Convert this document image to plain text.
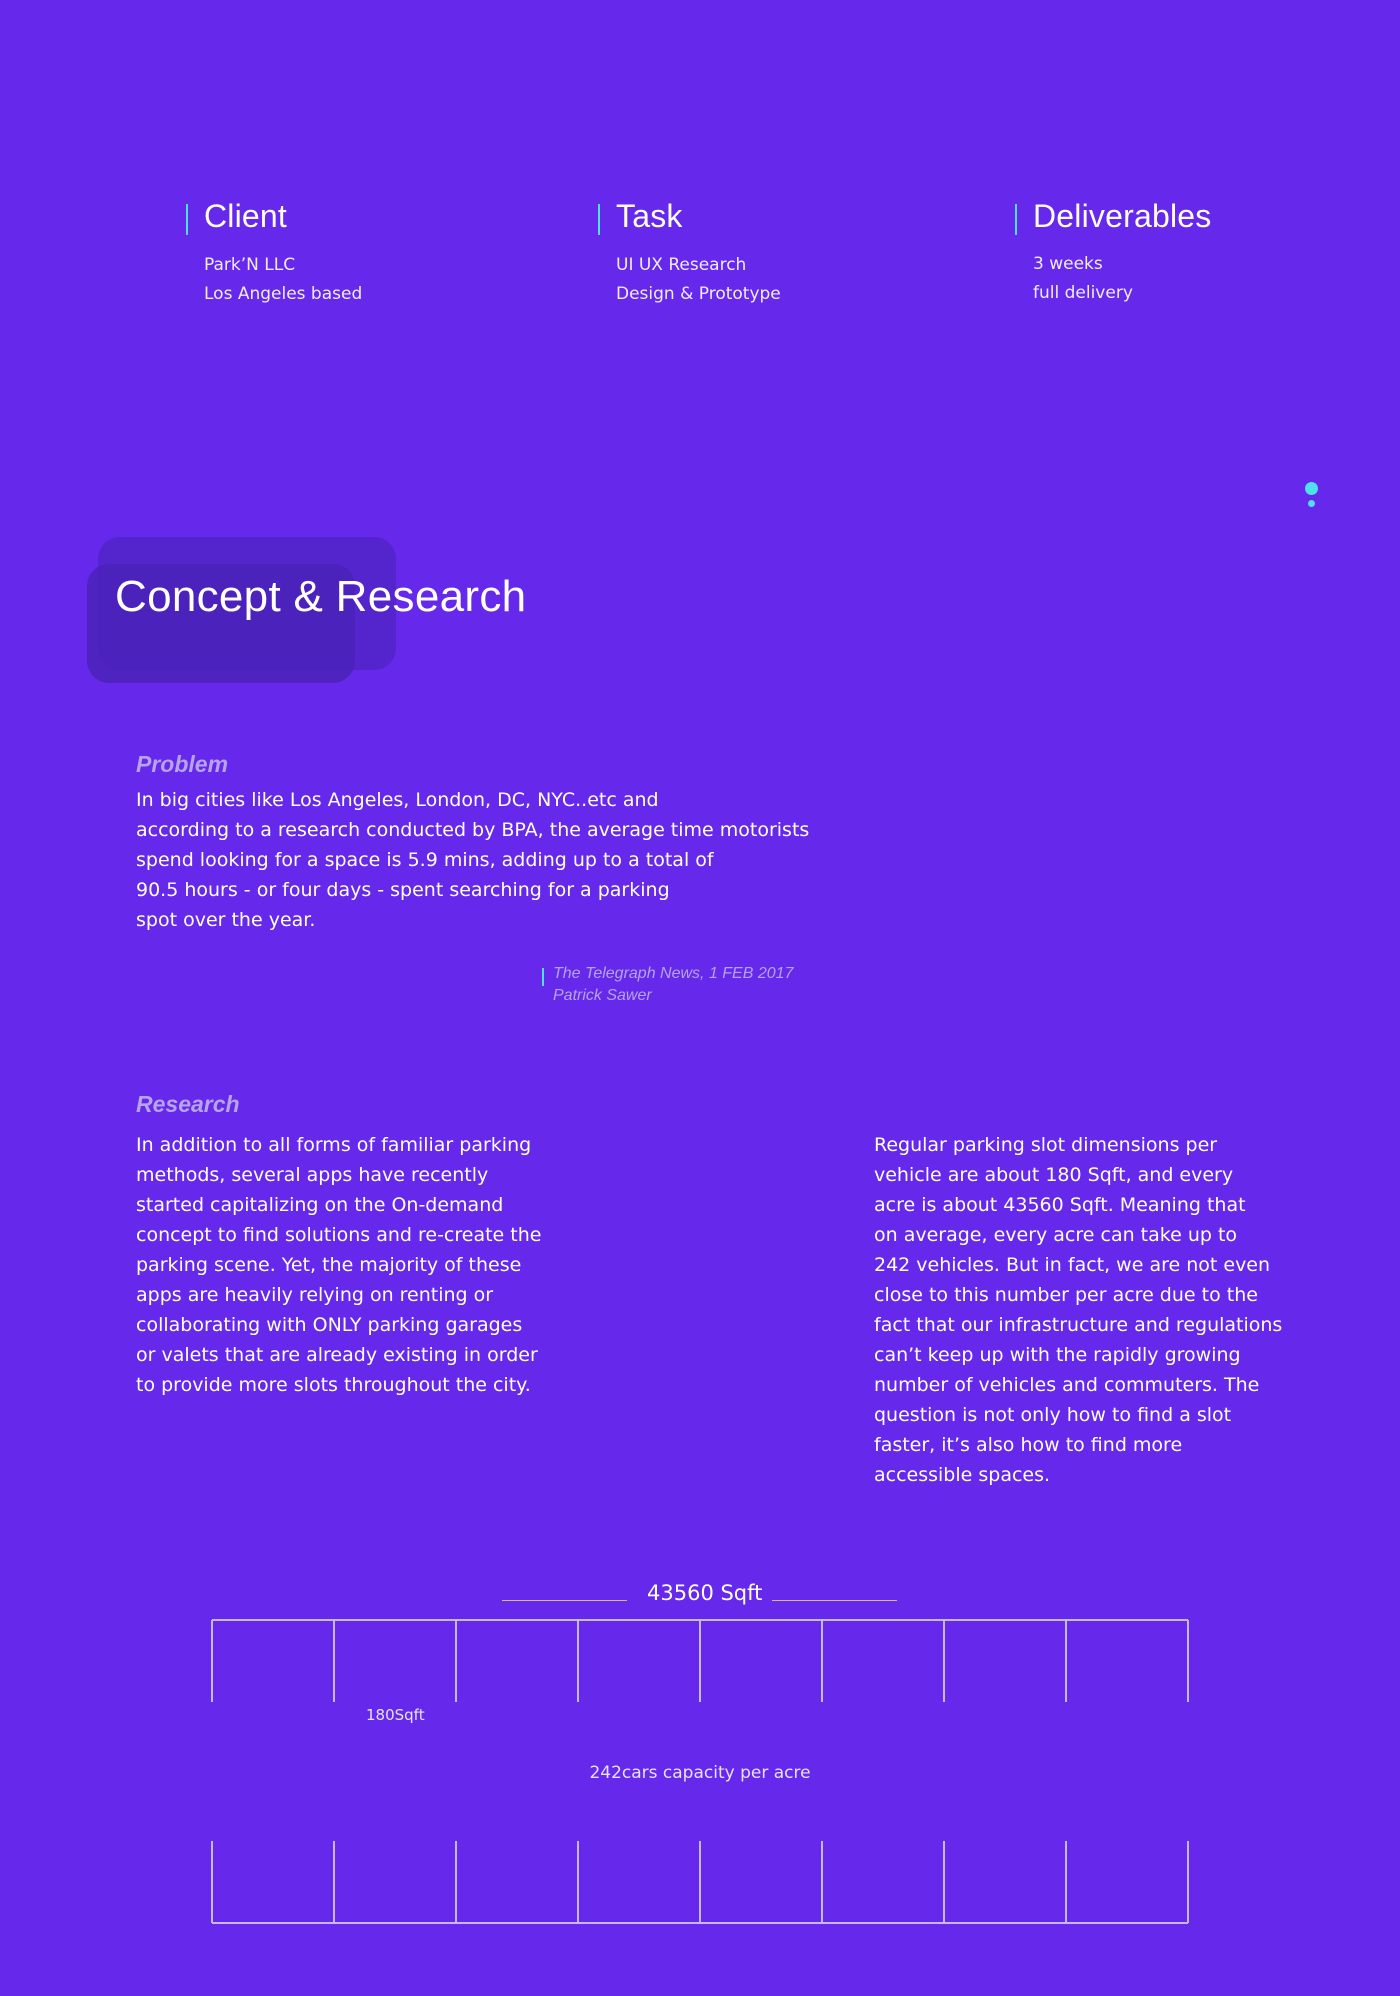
Client
Park’N LLC
Los Angeles based
Task
UI UX Research
Design & Prototype
Deliverables
3 weeks
full delivery
Concept & Research
Problem
In big cities like Los Angeles, London, DC, NYC..etc and
according to a research conducted by BPA, the average time motorists
spend looking for a space is 5.9 mins, adding up to a total of
90.5 hours - or four days - spent searching for a parking
spot over the year.
The Telegraph News, 1 FEB 2017
Patrick Sawer
Research
In addition to all forms of familiar parking
methods, several apps have recently
started capitalizing on the On-demand
concept to find solutions and re-create the
parking scene. Yet, the majority of these
apps are heavily relying on renting or
collaborating with ONLY parking garages
or valets that are already existing in order
to provide more slots throughout the city.
Regular parking slot dimensions per
vehicle are about 180 Sqft, and every
acre is about 43560 Sqft. Meaning that
on average, every acre can take up to
242 vehicles. But in fact, we are not even
close to this number per acre due to the
fact that our infrastructure and regulations
can’t keep up with the rapidly growing
number of vehicles and commuters. The
question is not only how to find a slot
faster, it’s also how to find more
accessible spaces.
43560 Sqft
180Sqft
242cars capacity per acre
